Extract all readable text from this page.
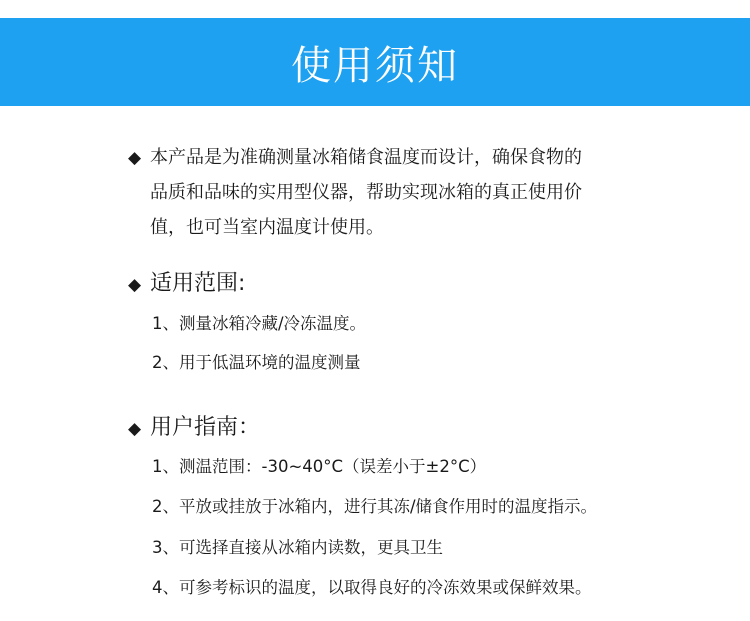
使用须知
◆ 本产品是为准确测量冰箱储食温度而设计，确保食物的
品质和品味的实用型仪器，帮助实现冰箱的真正使用价
值，也可当室内温度计使用。
◆ 适用范围:
1、测量冰箱冷藏/冷冻温度。
2、用于低温环境的温度测量
◆ 用户指南：
1、测温范围：-30~40°C（误差小于±2°C）
2、平放或挂放于冰箱内，进行其冻/储食作用时的温度指示。
3、可选择直接从冰箱内读数，更具卫生
4、可参考标识的温度，以取得良好的冷冻效果或保鲜效果。
